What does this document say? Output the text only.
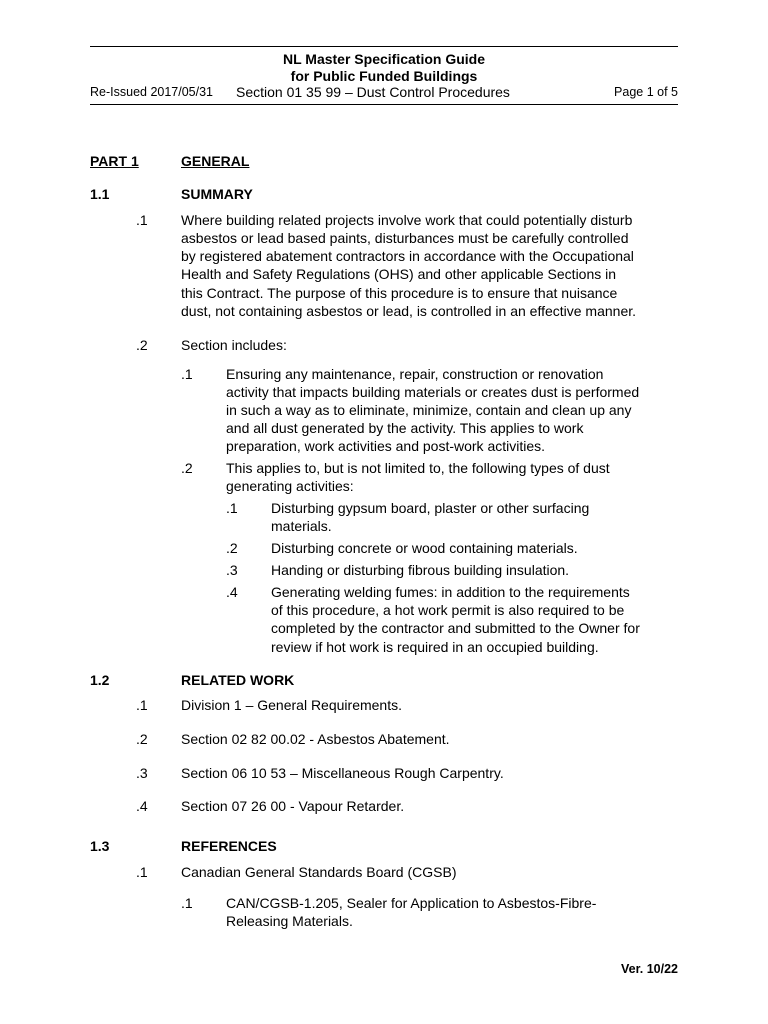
NL Master Specification Guide
for Public Funded Buildings
Re-Issued 2017/05/31 Section 01 35 99 – Dust Control Procedures	Page 1 of 5
PART 1	GENERAL
1.1	SUMMARY
.1 Where building related projects involve work that could potentially disturb
asbestos or lead based paints, disturbances must be carefully controlled
by registered abatement contractors in accordance with the Occupational
Health and Safety Regulations (OHS) and other applicable Sections in
this Contract. The purpose of this procedure is to ensure that nuisance
dust, not containing asbestos or lead, is controlled in an effective manner.
.2 Section includes:
.1 Ensuring any maintenance, repair, construction or renovation
activity that impacts building materials or creates dust is performed
in such a way as to eliminate, minimize, contain and clean up any
and all dust generated by the activity. This applies to work
preparation, work activities and post-work activities.
.2 This applies to, but is not limited to, the following types of dust
generating activities:
.1 Disturbing gypsum board, plaster or other surfacing
materials.
.2 Disturbing concrete or wood containing materials.
.3 Handing or disturbing fibrous building insulation.
.4 Generating welding fumes: in addition to the requirements
of this procedure, a hot work permit is also required to be
completed by the contractor and submitted to the Owner for
review if hot work is required in an occupied building.
1.2	RELATED WORK
.1 Division 1 – General Requirements.
.2 Section 02 82 00.02 - Asbestos Abatement.
.3 Section 06 10 53 – Miscellaneous Rough Carpentry.
.4 Section 07 26 00 - Vapour Retarder.
1.3	REFERENCES
.1 Canadian General Standards Board (CGSB)
.1 CAN/CGSB-1.205, Sealer for Application to Asbestos-Fibre-
Releasing Materials.
Ver. 10/22
